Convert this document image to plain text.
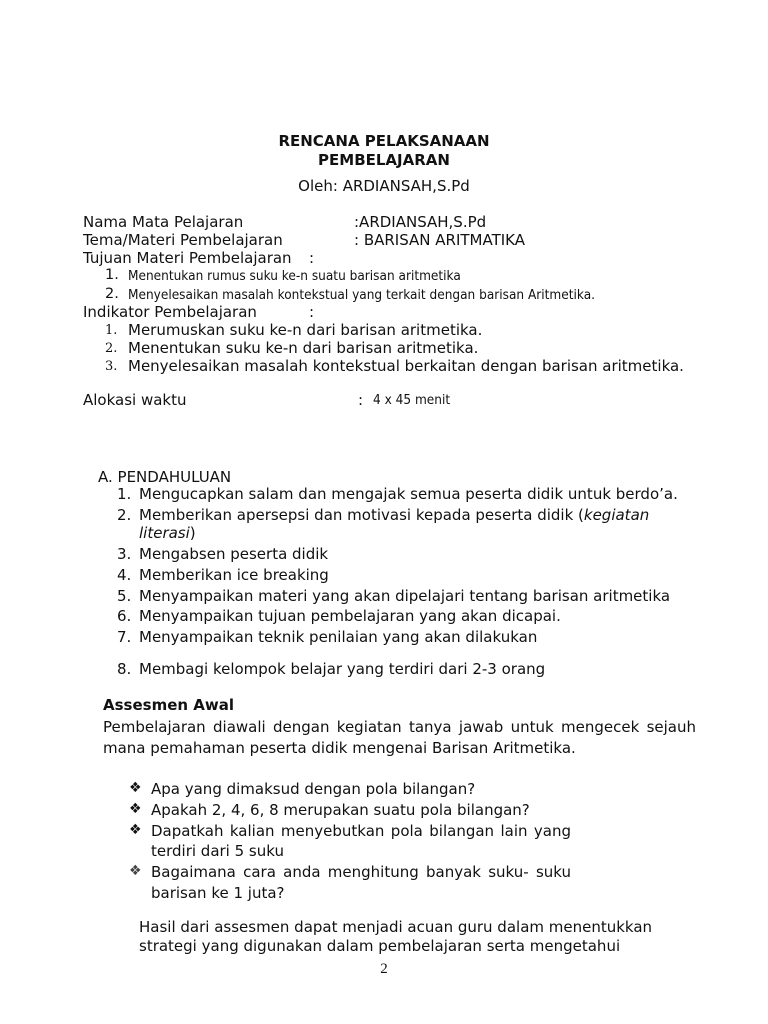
RENCANA PELAKSANAAN
PEMBELAJARAN
Oleh: ARDIANSAH,S.Pd
Nama Mata Pelajaran	:ARDIANSAH,S.Pd
Tema/Materi Pembelajaran	: BARISAN ARITMATIKA
Tujuan Materi Pembelajaran :
1. Menentukan rumus suku ke-n suatu barisan aritmetika
2. Menyelesaikan masalah kontekstual yang terkait dengan barisan Aritmetika.
Indikator Pembelajaran	:
1. Merumuskan suku ke-n dari barisan aritmetika.
2. Menentukan suku ke-n dari barisan aritmetika.
3. Menyelesaikan masalah kontekstual berkaitan dengan barisan aritmetika.
Alokasi waktu	: 4 x 45 menit
A. PENDAHULUAN
1. Mengucapkan salam dan mengajak semua peserta didik untuk berdo’a.
2. Memberikan apersepsi dan motivasi kepada peserta didik (kegiatan
literasi)
3. Mengabsen peserta didik
4. Memberikan ice breaking
5. Menyampaikan materi yang akan dipelajari tentang barisan aritmetika
6. Menyampaikan tujuan pembelajaran yang akan dicapai.
7. Menyampaikan teknik penilaian yang akan dilakukan
8. Membagi kelompok belajar yang terdiri dari 2-3 orang
Assesmen Awal
Pembelajaran diawali dengan kegiatan tanya jawab untuk mengecek sejauh mana pemahaman peserta didik mengenai Barisan Aritmetika.
❖ Apa yang dimaksud dengan pola bilangan?
❖ Apakah 2, 4, 6, 8 merupakan suatu pola bilangan?
❖ Dapatkah kalian menyebutkan pola bilangan lain yang
terdiri dari 5 suku
❖ Bagaimana cara anda menghitung banyak suku- suku
barisan ke 1 juta?
Hasil dari assesmen dapat menjadi acuan guru dalam menentukkan
strategi yang digunakan dalam pembelajaran serta mengetahui
2
